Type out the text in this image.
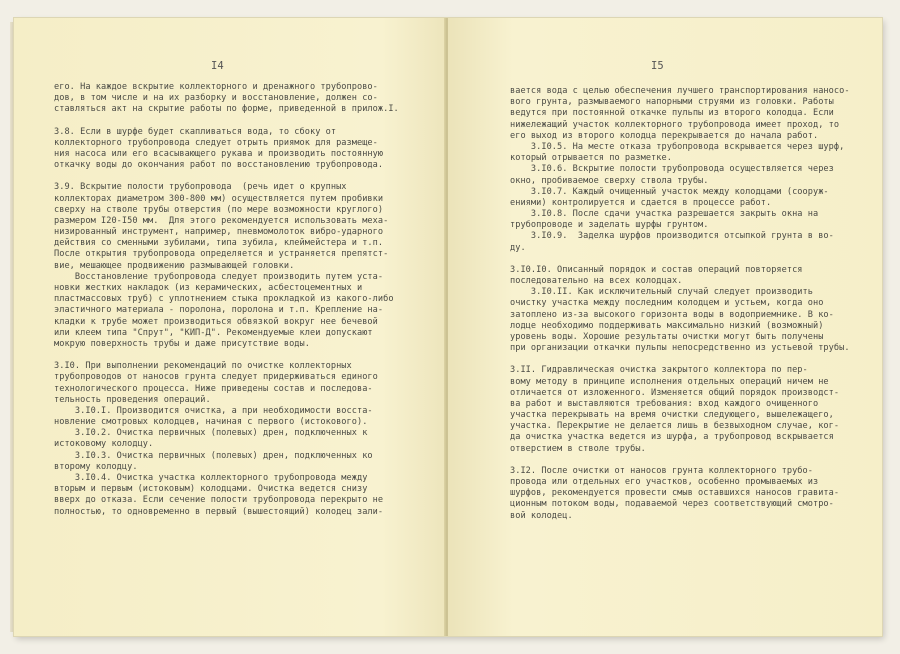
I4
его. На каждое вскрытие коллекторного и дренажного трубопрово-
дов, в том числе и на их разборку и восстановление, должен со-
ставляться акт на скрытие работы по форме, приведенной в прилож.I.
3.8. Если в шурфе будет скапливаться вода, то сбоку от
коллекторного трубопровода следует отрыть приямок для размеще-
ния насоса или его всасывающего рукава и производить постоянную
откачку воды до окончания работ по восстановлению трубопровода.
3.9. Вскрытие полости трубопровода  (речь идет о крупных
коллекторах диаметром 300-800 мм) осуществляется путем пробивки
сверху на стволе трубы отверстия (по мере возможности круглого)
размером I20-I50 мм.  Для этого рекомендуется использовать меха-
низированный инструмент, например, пневмомолоток вибро-ударного
действия со сменными зубилами, типа зубила, клеймейстера и т.п.
После открытия трубопровода определяется и устраняется препятст-
вие, мешающее продвижению размывающей головки.
Восстановление трубопровода следует производить путем уста-
новки жестких накладок (из керамических, асбестоцементных и
пластмассовых труб) с уплотнением стыка прокладкой из какого-либо
эластичного материала - поролона, поролона и т.п. Крепление на-
кладки к трубе может производиться обвязкой вокруг нее бечевой
или клеем типа "Спрут", "КИП-Д". Рекомендуемые клеи допускают
мокрую поверхность трубы и даже присутствие воды.
3.I0. При выполнении рекомендаций по очистке коллекторных
трубопроводов от наносов грунта следует придерживаться единого
технологического процесса. Ниже приведены состав и последова-
тельность проведения операций.
3.I0.I. Производится очистка, а при необходимости восста-
новление смотровых колодцев, начиная с первого (истокового).
3.I0.2. Очистка первичных (полевых) дрен, подключенных к
истоковому колодцу.
3.I0.3. Очистка первичных (полевых) дрен, подключенных ко
второму колодцу.
3.I0.4. Очистка участка коллекторного трубопровода между
вторым и первым (истоковым) колодцами. Очистка ведется снизу
вверх до отказа. Если сечение полости трубопровода перекрыто не
полностью, то одновременно в первый (вышестоящий) колодец зали-
I5
вается вода с целью обеспечения лучшего транспортирования наносо-
вого грунта, размываемого напорными струями из головки. Работы
ведутся при постоянной откачке пульпы из второго колодца. Если
нижележащий участок коллекторного трубопровода имеет проход, то
его выход из второго колодца перекрывается до начала работ.
3.I0.5. На месте отказа трубопровода вскрывается через шурф,
который отрывается по разметке.
3.I0.6. Вскрытие полости трубопровода осуществляется через
окно, пробиваемое сверху ствола трубы.
3.I0.7. Каждый очищенный участок между колодцами (сооруж-
ениями) контролируется и сдается в процессе работ.
3.I0.8. После сдачи участка разрешается закрыть окна на
трубопроводе и заделать шурфы грунтом.
3.I0.9.  Заделка шурфов производится отсыпкой грунта в во-
ду.
3.I0.I0. Описанный порядок и состав операций повторяется
последовательно на всех колодцах.
3.I0.II. Как исключительный случай следует производить
очистку участка между последним колодцем и устьем, когда оно
затоплено из-за высокого горизонта воды в водоприемнике. В ко-
лодце необходимо поддерживать максимально низкий (возможный)
уровень воды. Хорошие результаты очистки могут быть получены
при организации откачки пульпы непосредственно из устьевой трубы.
3.II. Гидравлическая очистка закрытого коллектора по пер-
вому методу в принципе исполнения отдельных операций ничем не
отличается от изложенного. Изменяется общий порядок производст-
ва работ и выставляются требования: вход каждого очищенного
участка перекрывать на время очистки следующего, вышележащего,
участка. Перекрытие не делается лишь в безвыходном случае, ког-
да очистка участка ведется из шурфа, а трубопровод вскрывается
отверстием в стволе трубы.
3.I2. После очистки от наносов грунта коллекторного трубо-
провода или отдельных его участков, особенно промываемых из
шурфов, рекомендуется провести смыв оставшихся наносов гравита-
ционным потоком воды, подаваемой через соответствующий смотро-
вой колодец.
